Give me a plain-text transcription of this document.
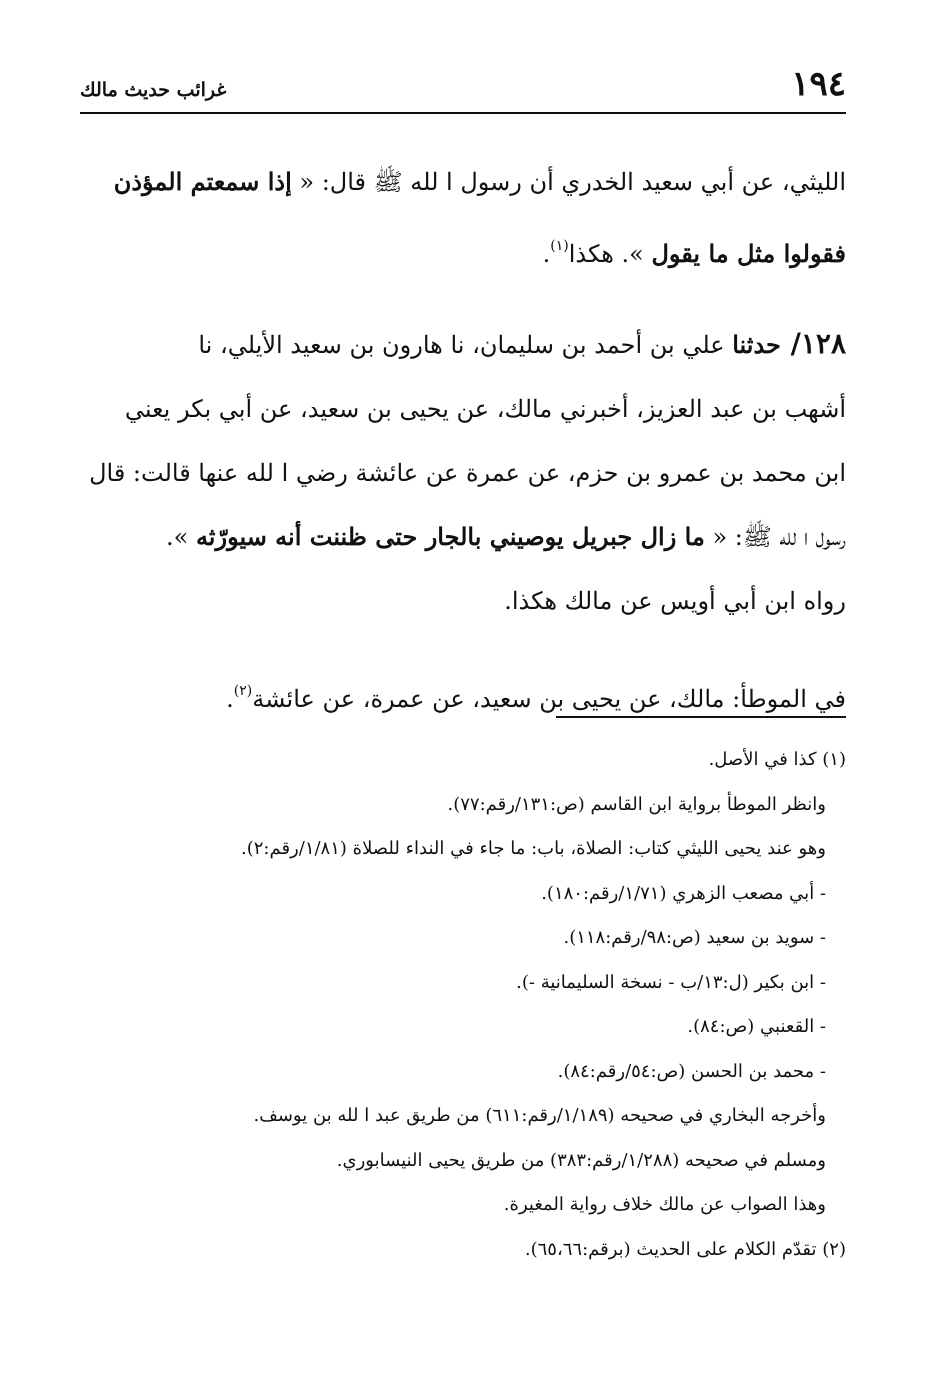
١٩٤
غرائب حديث مالك

الليثي، عن أبي سعيد الخدري أن رسول ا لله ﷺ قال: « إذا سمعتم المؤذن

فقولوا مثل ما يقول ». هكذا$^{(١)}$.

١٢٨/ حدثنا علي بن أحمد بن سليمان، نا هارون بن سعيد الأيلي، نا

أشهب بن عبد العزيز، أخبرني مالك، عن يحيى بن سعيد، عن أبي بكر يعني

ابن محمد بن عمرو بن حزم، عن عمرة عن عائشة رضي ا لله عنها قالت: قال

رسول ا لله ﷺ: « ما زال جبريل يوصيني بالجار حتى ظننت أنه سيورّثه ».

رواه ابن أبي أويس عن مالك هكذا.

في الموطأ: مالك، عن يحيى بن سعيد، عن عمرة، عن عائشة$^{(٢)}$.

(١) كذا في الأصل.

وانظر الموطأ برواية ابن القاسم (ص:١٣١/رقم:٧٧).

وهو عند يحيى الليثي كتاب: الصلاة، باب: ما جاء في النداء للصلاة (١/٨١/رقم:٢).

- أبي مصعب الزهري (١/٧١/رقم:١٨٠).

- سويد بن سعيد (ص:٩٨/رقم:١١٨).

- ابن بكير (ل:١٣/ب - نسخة السليمانية -).

- القعنبي (ص:٨٤).

- محمد بن الحسن (ص:٥٤/رقم:٨٤).

وأخرجه البخاري في صحيحه (١/١٨٩/رقم:٦١١) من طريق عبد ا لله بن يوسف.

ومسلم في صحيحه (١/٢٨٨/رقم:٣٨٣) من طريق يحيى النيسابوري.

وهذا الصواب عن مالك خلاف رواية المغيرة.

(٢) تقدّم الكلام على الحديث (برقم:٦٥،٦٦).
